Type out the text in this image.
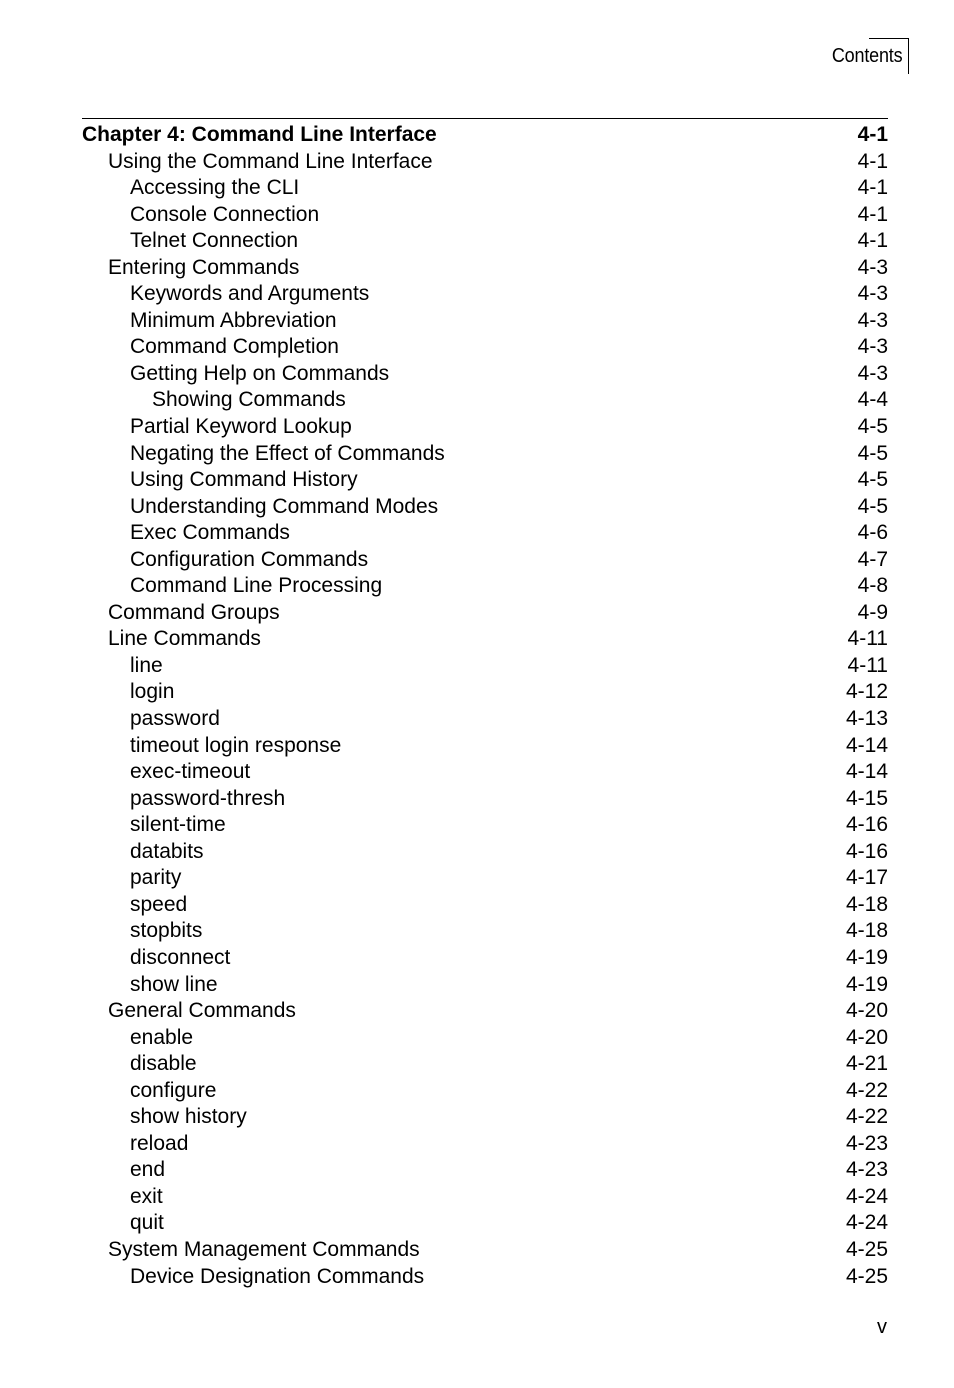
Contents
Chapter 4: Command Line Interface	4-1
Using the Command Line Interface	4-1
Accessing the CLI	4-1
Console Connection	4-1
Telnet Connection	4-1
Entering Commands	4-3
Keywords and Arguments	4-3
Minimum Abbreviation	4-3
Command Completion	4-3
Getting Help on Commands	4-3
Showing Commands	4-4
Partial Keyword Lookup	4-5
Negating the Effect of Commands	4-5
Using Command History	4-5
Understanding Command Modes	4-5
Exec Commands	4-6
Configuration Commands	4-7
Command Line Processing	4-8
Command Groups	4-9
Line Commands	4-11
line	4-11
login	4-12
password	4-13
timeout login response	4-14
exec-timeout	4-14
password-thresh	4-15
silent-time	4-16
databits	4-16
parity	4-17
speed	4-18
stopbits	4-18
disconnect	4-19
show line	4-19
General Commands	4-20
enable	4-20
disable	4-21
configure	4-22
show history	4-22
reload	4-23
end	4-23
exit	4-24
quit	4-24
System Management Commands	4-25
Device Designation Commands	4-25
v
